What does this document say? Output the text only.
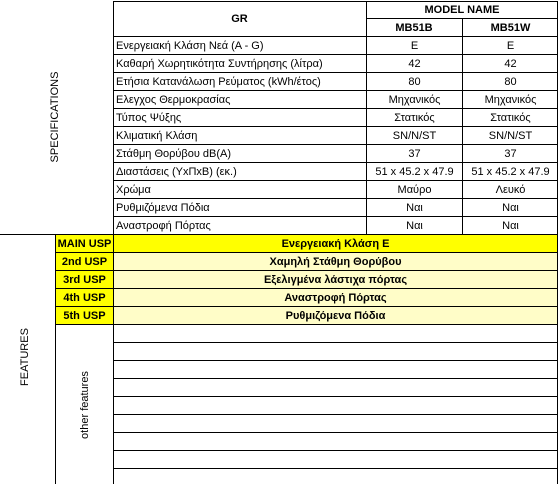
SPECIFICATIONS
FEATURES
other features
GR
MODEL NAME
MB51B	MB51W
Ενεργειακή Κλάση Νεά (A - G)	E	E
Καθαρή Χωρητικότητα Συντήρησης (λίτρα)	42	42
Ετήσια Κατανάλωση Ρεύματος (kWh/έτος)	80	80
Ελεγχος Θερμοκρασίας	Μηχανικός	Μηχανικός
Τύπος Ψύξης	Στατικός	Στατικός
Κλιματική Κλάση	SN/N/ST	SN/N/ST
Στάθμη Θορύβου dB(A)	37	37
Διαστάσεις (ΥxΠxΒ) (εκ.)	51 x 45.2 x 47.9	51 x 45.2 x 47.9
Χρώμα	Μαύρο	Λευκό
Ρυθμιζόμενα Πόδια	Ναι	Ναι
Αναστροφή Πόρτας	Ναι	Ναι
MAIN USP	Ενεργειακή Κλάση E
2nd USP	Χαμηλή Στάθμη Θορύβου
3rd USP	Εξελιγμένα λάστιχα πόρτας
4th USP	Αναστροφή Πόρτας
5th USP	Ρυθμιζόμενα Πόδια
